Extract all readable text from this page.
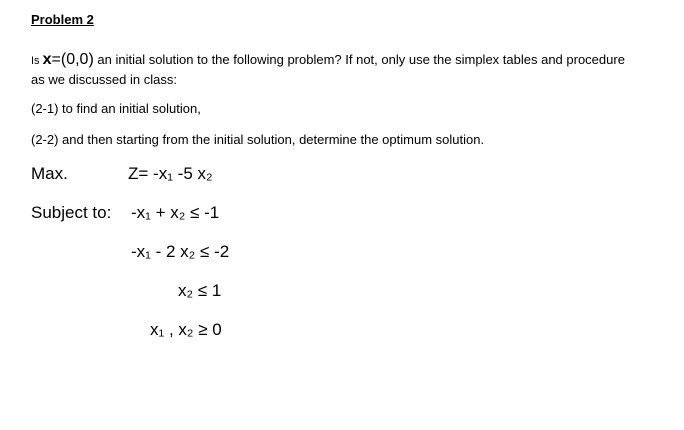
Problem 2
Is x=(0,0) an initial solution to the following problem? If not, only use the simplex tables and procedure
as we discussed in class:
(2-1) to find an initial solution,
(2-2) and then starting from the initial solution, determine the optimum solution.
Max.	Z= -x₁ -5 x₂
Subject to: -x₁ + x₂ ≤ -1
-x₁ - 2 x₂ ≤ -2
x₂ ≤ 1
x₁ , x₂ ≥ 0
